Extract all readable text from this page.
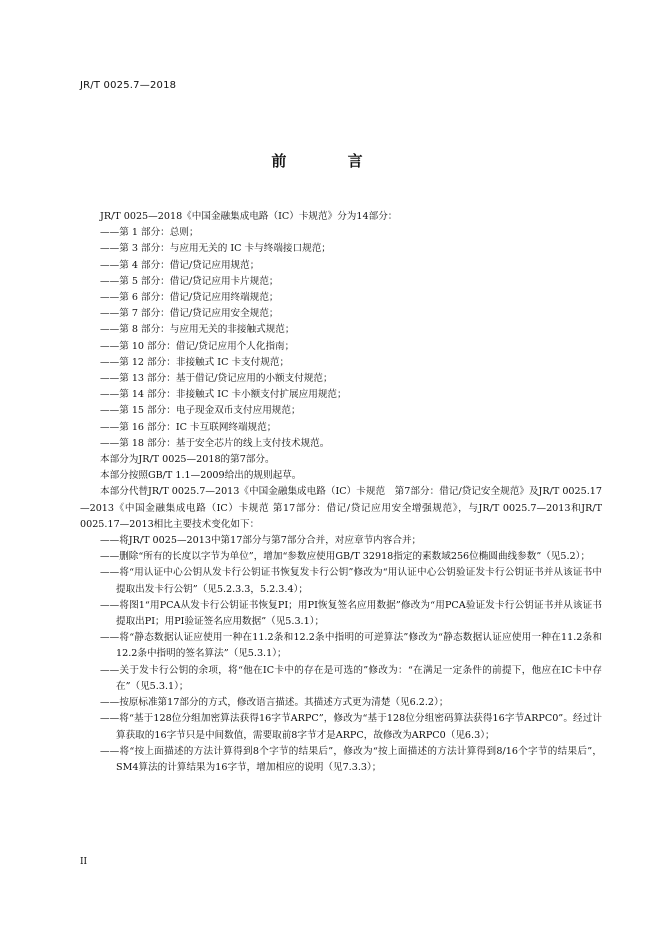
JR/T 0025.7—2018
前 言
JR/T 0025—2018《中国金融集成电路（IC）卡规范》分为14部分：
——第 1 部分：总则；
——第 3 部分：与应用无关的 IC 卡与终端接口规范；
——第 4 部分：借记/贷记应用规范；
——第 5 部分：借记/贷记应用卡片规范；
——第 6 部分：借记/贷记应用终端规范；
——第 7 部分：借记/贷记应用安全规范；
——第 8 部分：与应用无关的非接触式规范；
——第 10 部分：借记/贷记应用个人化指南；
——第 12 部分：非接触式 IC 卡支付规范；
——第 13 部分：基于借记/贷记应用的小额支付规范；
——第 14 部分：非接触式 IC 卡小额支付扩展应用规范；
——第 15 部分：电子现金双币支付应用规范；
——第 16 部分：IC 卡互联网终端规范；
——第 18 部分：基于安全芯片的线上支付技术规范。
本部分为JR/T 0025—2018的第7部分。
本部分按照GB/T 1.1—2009给出的规则起草。
本部分代替JR/T 0025.7—2013《中国金融集成电路（IC）卡规范　第7部分：借记/贷记安全规范》及JR/T 0025.17—2013《中国金融集成电路（IC）卡规范 第17部分：借记/贷记应用安全增强规范》，与JR/T 0025.7—2013和JR/T 0025.17—2013相比主要技术变化如下：
——将JR/T 0025—2013中第17部分与第7部分合并，对应章节内容合并；
——删除“所有的长度以字节为单位”，增加“参数应使用GB/T 32918指定的素数域256位椭圆曲线参数”（见5.2）；
——将“用认证中心公钥从发卡行公钥证书恢复发卡行公钥”修改为“用认证中心公钥验证发卡行公钥证书并从该证书中提取出发卡行公钥”（见5.2.3.3，5.2.3.4）；
——将图1“用PCA从发卡行公钥证书恢复PI；用PI恢复签名应用数据”修改为“用PCA验证发卡行公钥证书并从该证书提取出PI；用PI验证签名应用数据”（见5.3.1）；
——将“静态数据认证应使用一种在11.2条和12.2条中指明的可逆算法”修改为“静态数据认证应使用一种在11.2条和12.2条中指明的签名算法”（见5.3.1）；
——关于发卡行公钥的余项，将“他在IC卡中的存在是可选的”修改为：“在满足一定条件的前提下，他应在IC卡中存在”（见5.3.1）；
——按原标准第17部分的方式，修改语言描述。其描述方式更为清楚（见6.2.2）；
——将“基于128位分组加密算法获得16字节ARPC”，修改为“基于128位分组密码算法获得16字节ARPC0”。经过计算获取的16字节只是中间数值，需要取前8字节才是ARPC，故修改为ARPC0（见6.3）；
——将“按上面描述的方法计算得到8个字节的结果后”，修改为“按上面描述的方法计算得到8/16个字节的结果后”，SM4算法的计算结果为16字节，增加相应的说明（见7.3.3）；
II
